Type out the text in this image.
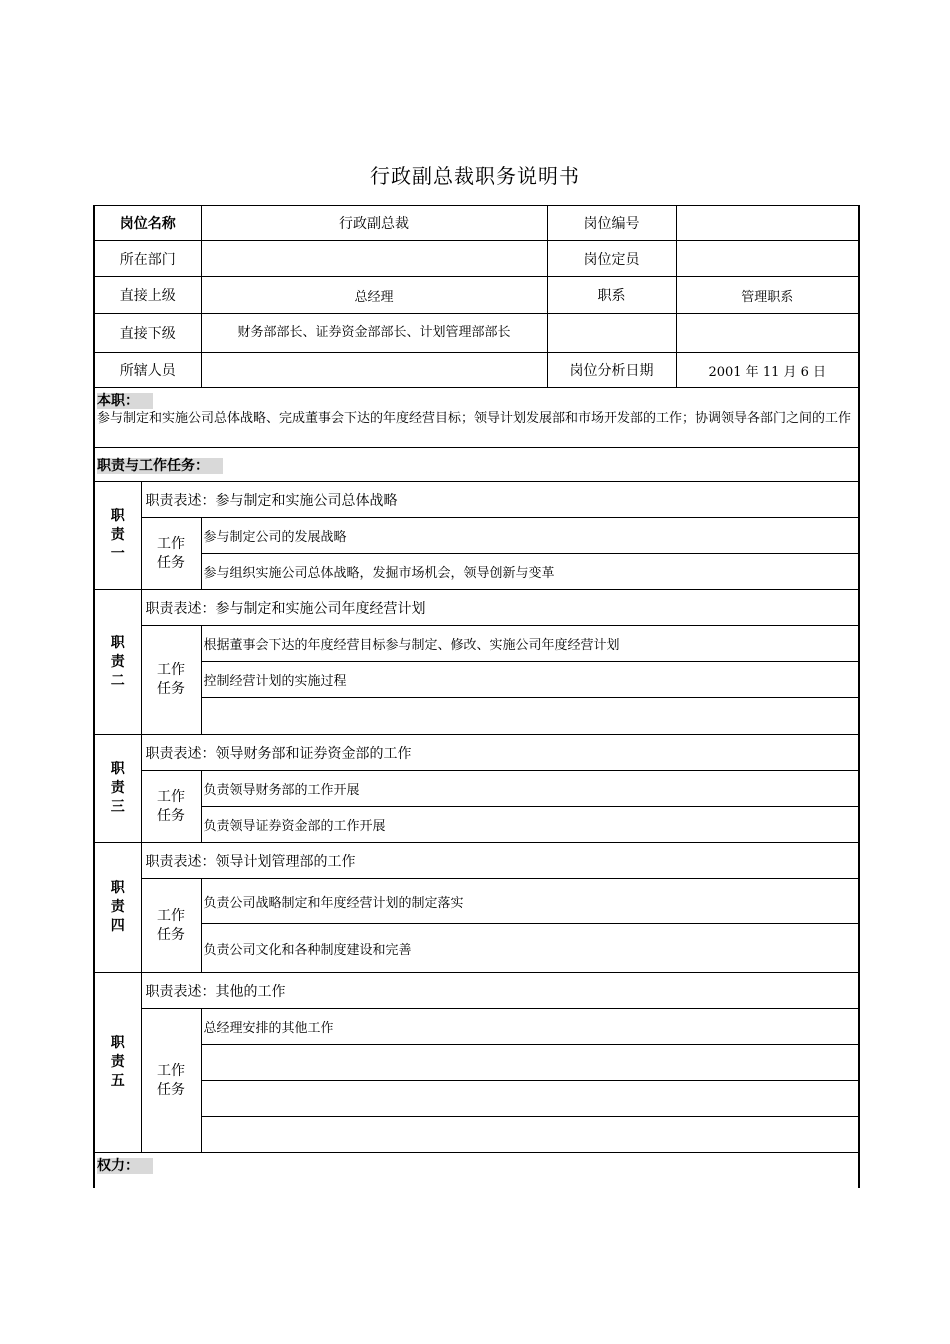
行政副总裁职务说明书
岗位名称		行政副总裁	岗位编号	
所在部门			岗位定员	
直接上级		总经理	职系	管理职系
直接下级		财务部部长、证券资金部部长、计划管理部部长		
所辖人员			岗位分析日期	2001 年 11 月 6 日

本职：
参与制定和实施公司总体战略、完成董事会下达的年度经营目标；领导计划发展部和市场开发部的工作；协调领导各部门之间的工作				

职责与工作任务：				
职责一	职责表述：参与制定和实施公司总体战略			
	工作任务	参与制定公司的发展战略		
		参与组织实施公司总体战略，发掘市场机会，领导创新与变革		
职责二	职责表述：参与制定和实施公司年度经营计划			
	工作任务	根据董事会下达的年度经营目标参与制定、修改、实施公司年度经营计划		
		控制经营计划的实施过程		

职责三	职责表述：领导财务部和证券资金部的工作			
	工作任务	负责领导财务部的工作开展		
		负责领导证券资金部的工作开展		
职责四	职责表述：领导计划管理部的工作			
	工作任务	负责公司战略制定和年度经营计划的制定落实		
		负责公司文化和各种制度建设和完善		
职责五	职责表述：其他的工作			
	工作任务	总经理安排的其他工作		

权力：				
